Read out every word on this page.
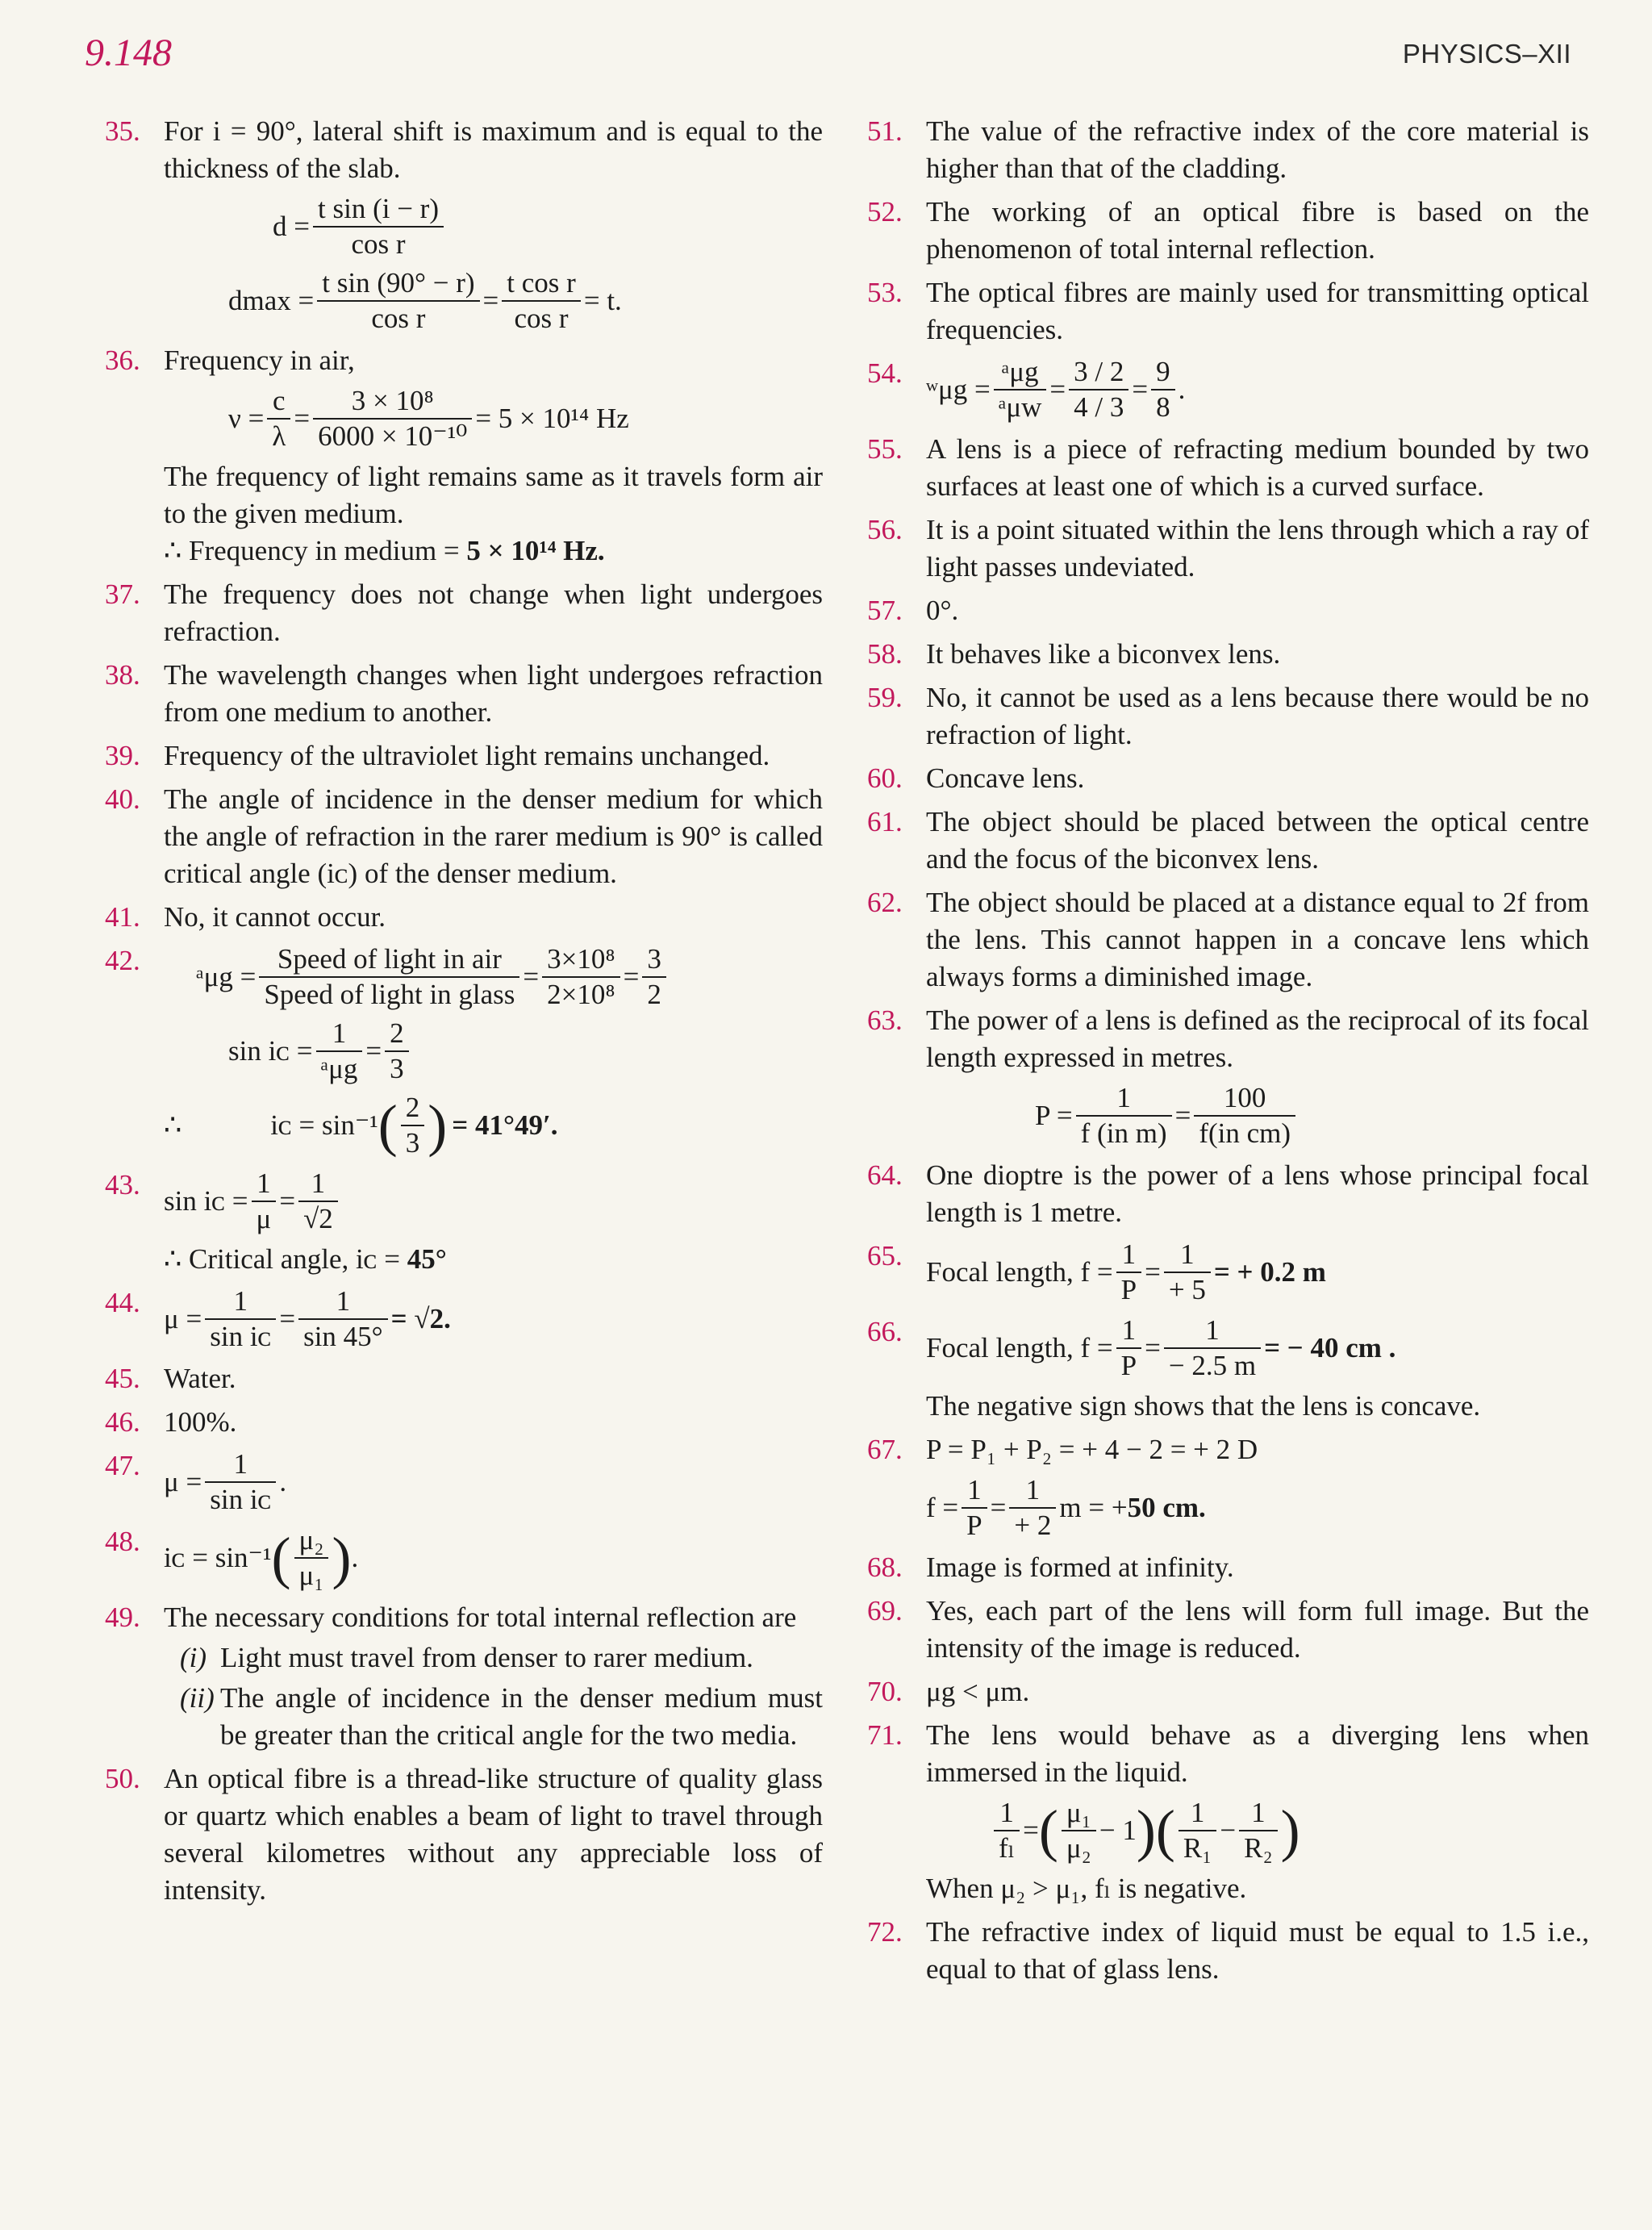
9.148	PHYSICS–XII
35. For i = 90°, lateral shift is maximum and is equal to the thickness of the slab.

$d = \frac{\text{t sin (i − r)}}{\text{cos r}}$
$dmax = \frac{\text{t sin (90° − r)}}{\text{cos r}} = \frac{\text{t cos r}}{\text{cos r}} = t$.
36. Frequency in air,

$\nu = \frac{c}{\lambda} = \frac{\text{3 × 10⁸}}{\text{6000 × 10⁻¹⁰}} = 5 \times 10^{14}$ Hz

The frequency of light remains same as it travels form air to the given medium.

∴ Frequency in medium = 5 × 10¹⁴ Hz.

37. The frequency does not change when light undergoes refraction.

38. The wavelength changes when light undergoes refraction from one medium to another.

39. Frequency of the ultraviolet light remains unchanged.

40. The angle of incidence in the denser medium for which the angle of refraction in the rarer medium is 90° is called critical angle (iᴄ) of the denser medium.

41. No, it cannot occur.

42.
ᵃμg = $\frac{\text{Speed of light in air}}{\text{Speed of light in glass}} = \frac{\text{3×10⁸}}{\text{2×10⁸}} = \frac{3}{2}$
sin iᴄ = $\frac{1}{\text{ᵃμg}} = \frac{2}{3}$
∴	iᴄ = sin⁻¹ ( $\frac{2}{3}$ ) = 41°49′.
43.
sin iᴄ = $\frac{1}{\mu} = \frac{1}{√2}$

∴ Critical angle, iᴄ = 45°

44.
$\mu = \frac{1}{\text{sin iᴄ}} = \frac{1}{\sin 45^\circ} = √2$.
45. Water.

46. 100%.

47.
$\mu = \frac{1}{\text{sin iᴄ}}$ .
48.
iᴄ = sin⁻¹ ( $\frac{\text{μ₂}}{\text{μ₁}}$ ) .
49. The necessary conditions for total internal reflection are

(i) Light must travel from denser to rarer medium.
(ii) The angle of incidence in the denser medium must be greater than the critical angle for the two media.
50. An optical fibre is a thread-like structure of quality glass or quartz which enables a beam of light to travel through several kilometres without any appreciable loss of intensity.

51. The value of the refractive index of the core material is higher than that of the cladding.

52. The working of an optical fibre is based on the phenomenon of total internal reflection.

53. The optical fibres are mainly used for transmitting optical frequencies.

54.
ʷμg = $\frac{\text{ᵃμg}}{\text{ᵃμw}} = \frac{3 / 2}{4 / 3} = \frac{9}{8}$ .
55. A lens is a piece of refracting medium bounded by two surfaces at least one of which is a curved surface.

56. It is a point situated within the lens through which a ray of light passes undeviated.

57. 0°.

58. It behaves like a biconvex lens.

59. No, it cannot be used as a lens because there would be no refraction of light.

60. Concave lens.

61. The object should be placed between the optical centre and the focus of the biconvex lens.

62. The object should be placed at a distance equal to 2f from the lens. This cannot happen in a concave lens which always forms a diminished image.

63. The power of a lens is defined as the reciprocal of its focal length expressed in metres.

$P = \frac{1}{\text{f (in m)}} = \frac{100}{\text{f(in cm)}}$
64. One dioptre is the power of a lens whose principal focal length is 1 metre.

65.
Focal length, $f = \frac{1}{P} = \frac{1}{+ 5}$ = + 0.2 m
66.
Focal length, $f = \frac{1}{P} = \frac{1}{- 2.5 m}$ = − 40 cm .

The negative sign shows that the lens is concave.

67. P = P₁ + P₂ = + 4 − 2 = + 2 D

$f = \frac{1}{P} = \frac{1}{+ 2}$ m = + 50 cm.
68. Image is formed at infinity.

69. Yes, each part of the lens will form full image. But the intensity of the image is reduced.

70. μg < μm.

71. The lens would behave as a diverging lens when immersed in the liquid.

$\frac{1}{\text{fₗ}}$ = ( $\frac{\text{μ₁}}{\text{μ₂}} - 1$ ) ( $\frac{1}{\text{R₁}} - \frac{1}{\text{R₂}}$ )

When μ₂ > μ₁, fₗ is negative.

72. The refractive index of liquid must be equal to 1.5 i.e., equal to that of glass lens.
